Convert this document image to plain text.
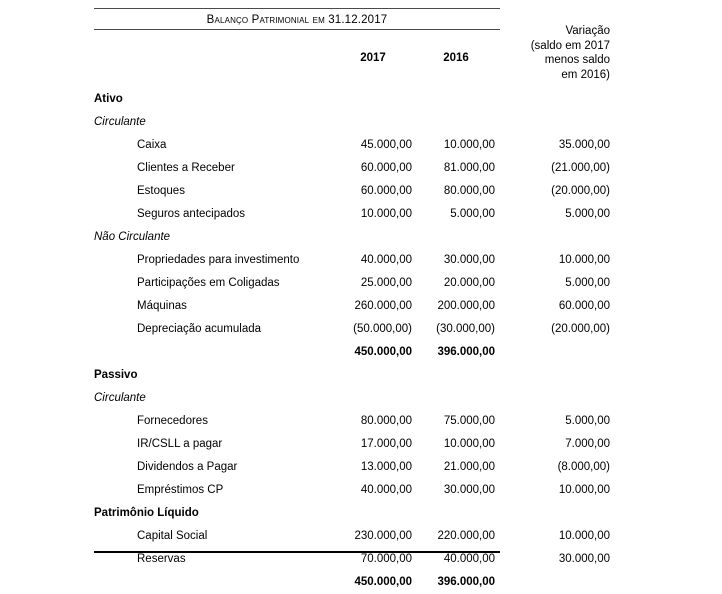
Balanço Patrimonial em 31.12.2017
2017	2016
Variação
(saldo em 2017
menos saldo
em 2016)
Ativo
Circulante
Caixa	45.000,00	10.000,00	35.000,00
Clientes a Receber	60.000,00	81.000,00	(21.000,00)
Estoques	60.000,00	80.000,00	(20.000,00)
Seguros antecipados	10.000,00	5.000,00	5.000,00
Não Circulante
Propriedades para investimento	40.000,00	30.000,00	10.000,00
Participações em Coligadas	25.000,00	20.000,00	5.000,00
Máquinas	260.000,00	200.000,00	60.000,00
Depreciação acumulada	(50.000,00)	(30.000,00)	(20.000,00)
450.000,00	396.000,00
Passivo
Circulante
Fornecedores	80.000,00	75.000,00	5.000,00
IR/CSLL a pagar	17.000,00	10.000,00	7.000,00
Dividendos a Pagar	13.000,00	21.000,00	(8.000,00)
Empréstimos CP	40.000,00	30.000,00	10.000,00
Patrimônio Líquido
Capital Social	230.000,00	220.000,00	10.000,00
Reservas	70.000,00	40.000,00	30.000,00
450.000,00	396.000,00
